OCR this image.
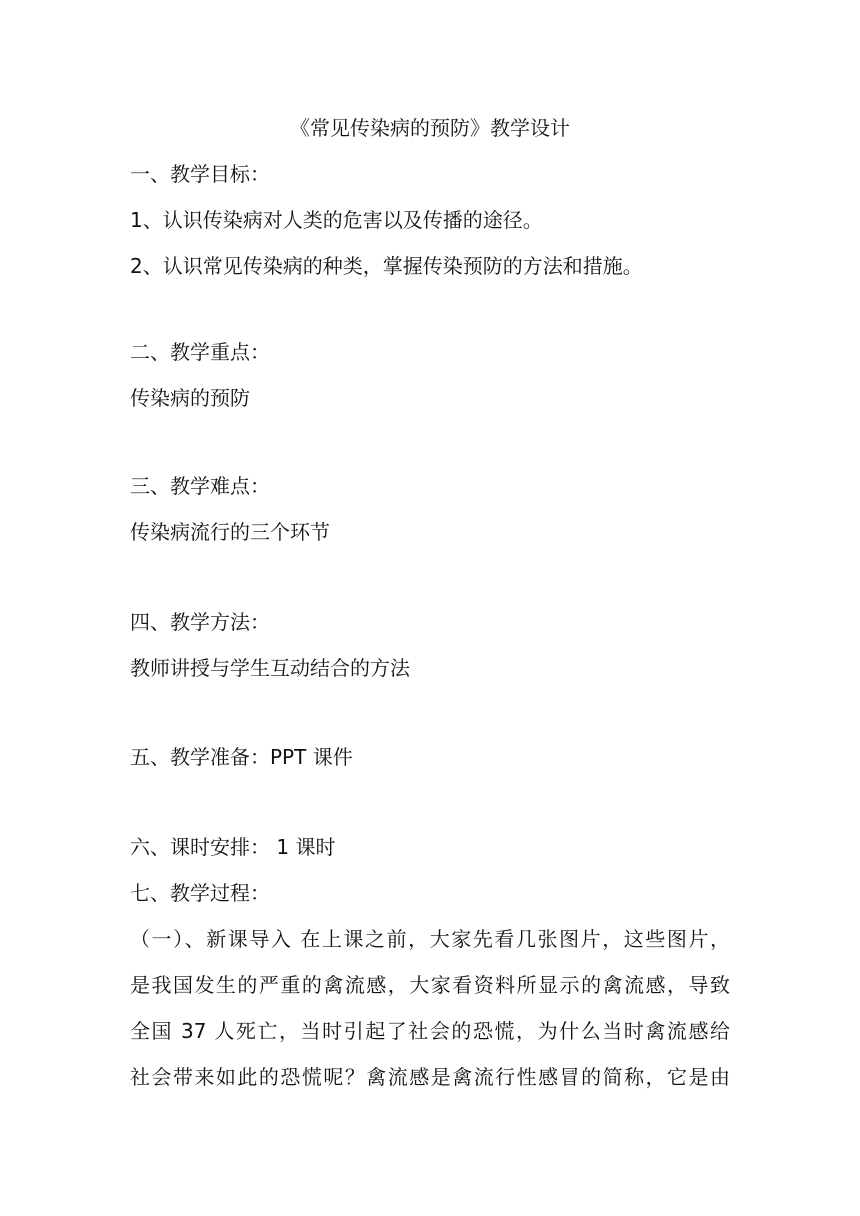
《常见传染病的预防》教学设计
一、教学目标：
1、认识传染病对人类的危害以及传播的途径。
2、认识常见传染病的种类，掌握传染预防的方法和措施。
二、教学重点：
传染病的预防
三、教学难点：
传染病流行的三个环节
四、教学方法：
教师讲授与学生互动结合的方法
五、教学准备：PPT 课件
六、课时安排： 1 课时
七、教学过程：
（一）、新课导入 在上课之前，大家先看几张图片，这些图片，
是我国发生的严重的禽流感，大家看资料所显示的禽流感，导致
全国 37 人死亡，当时引起了社会的恐慌，为什么当时禽流感给
社会带来如此的恐慌呢？禽流感是禽流行性感冒的简称，它是由
